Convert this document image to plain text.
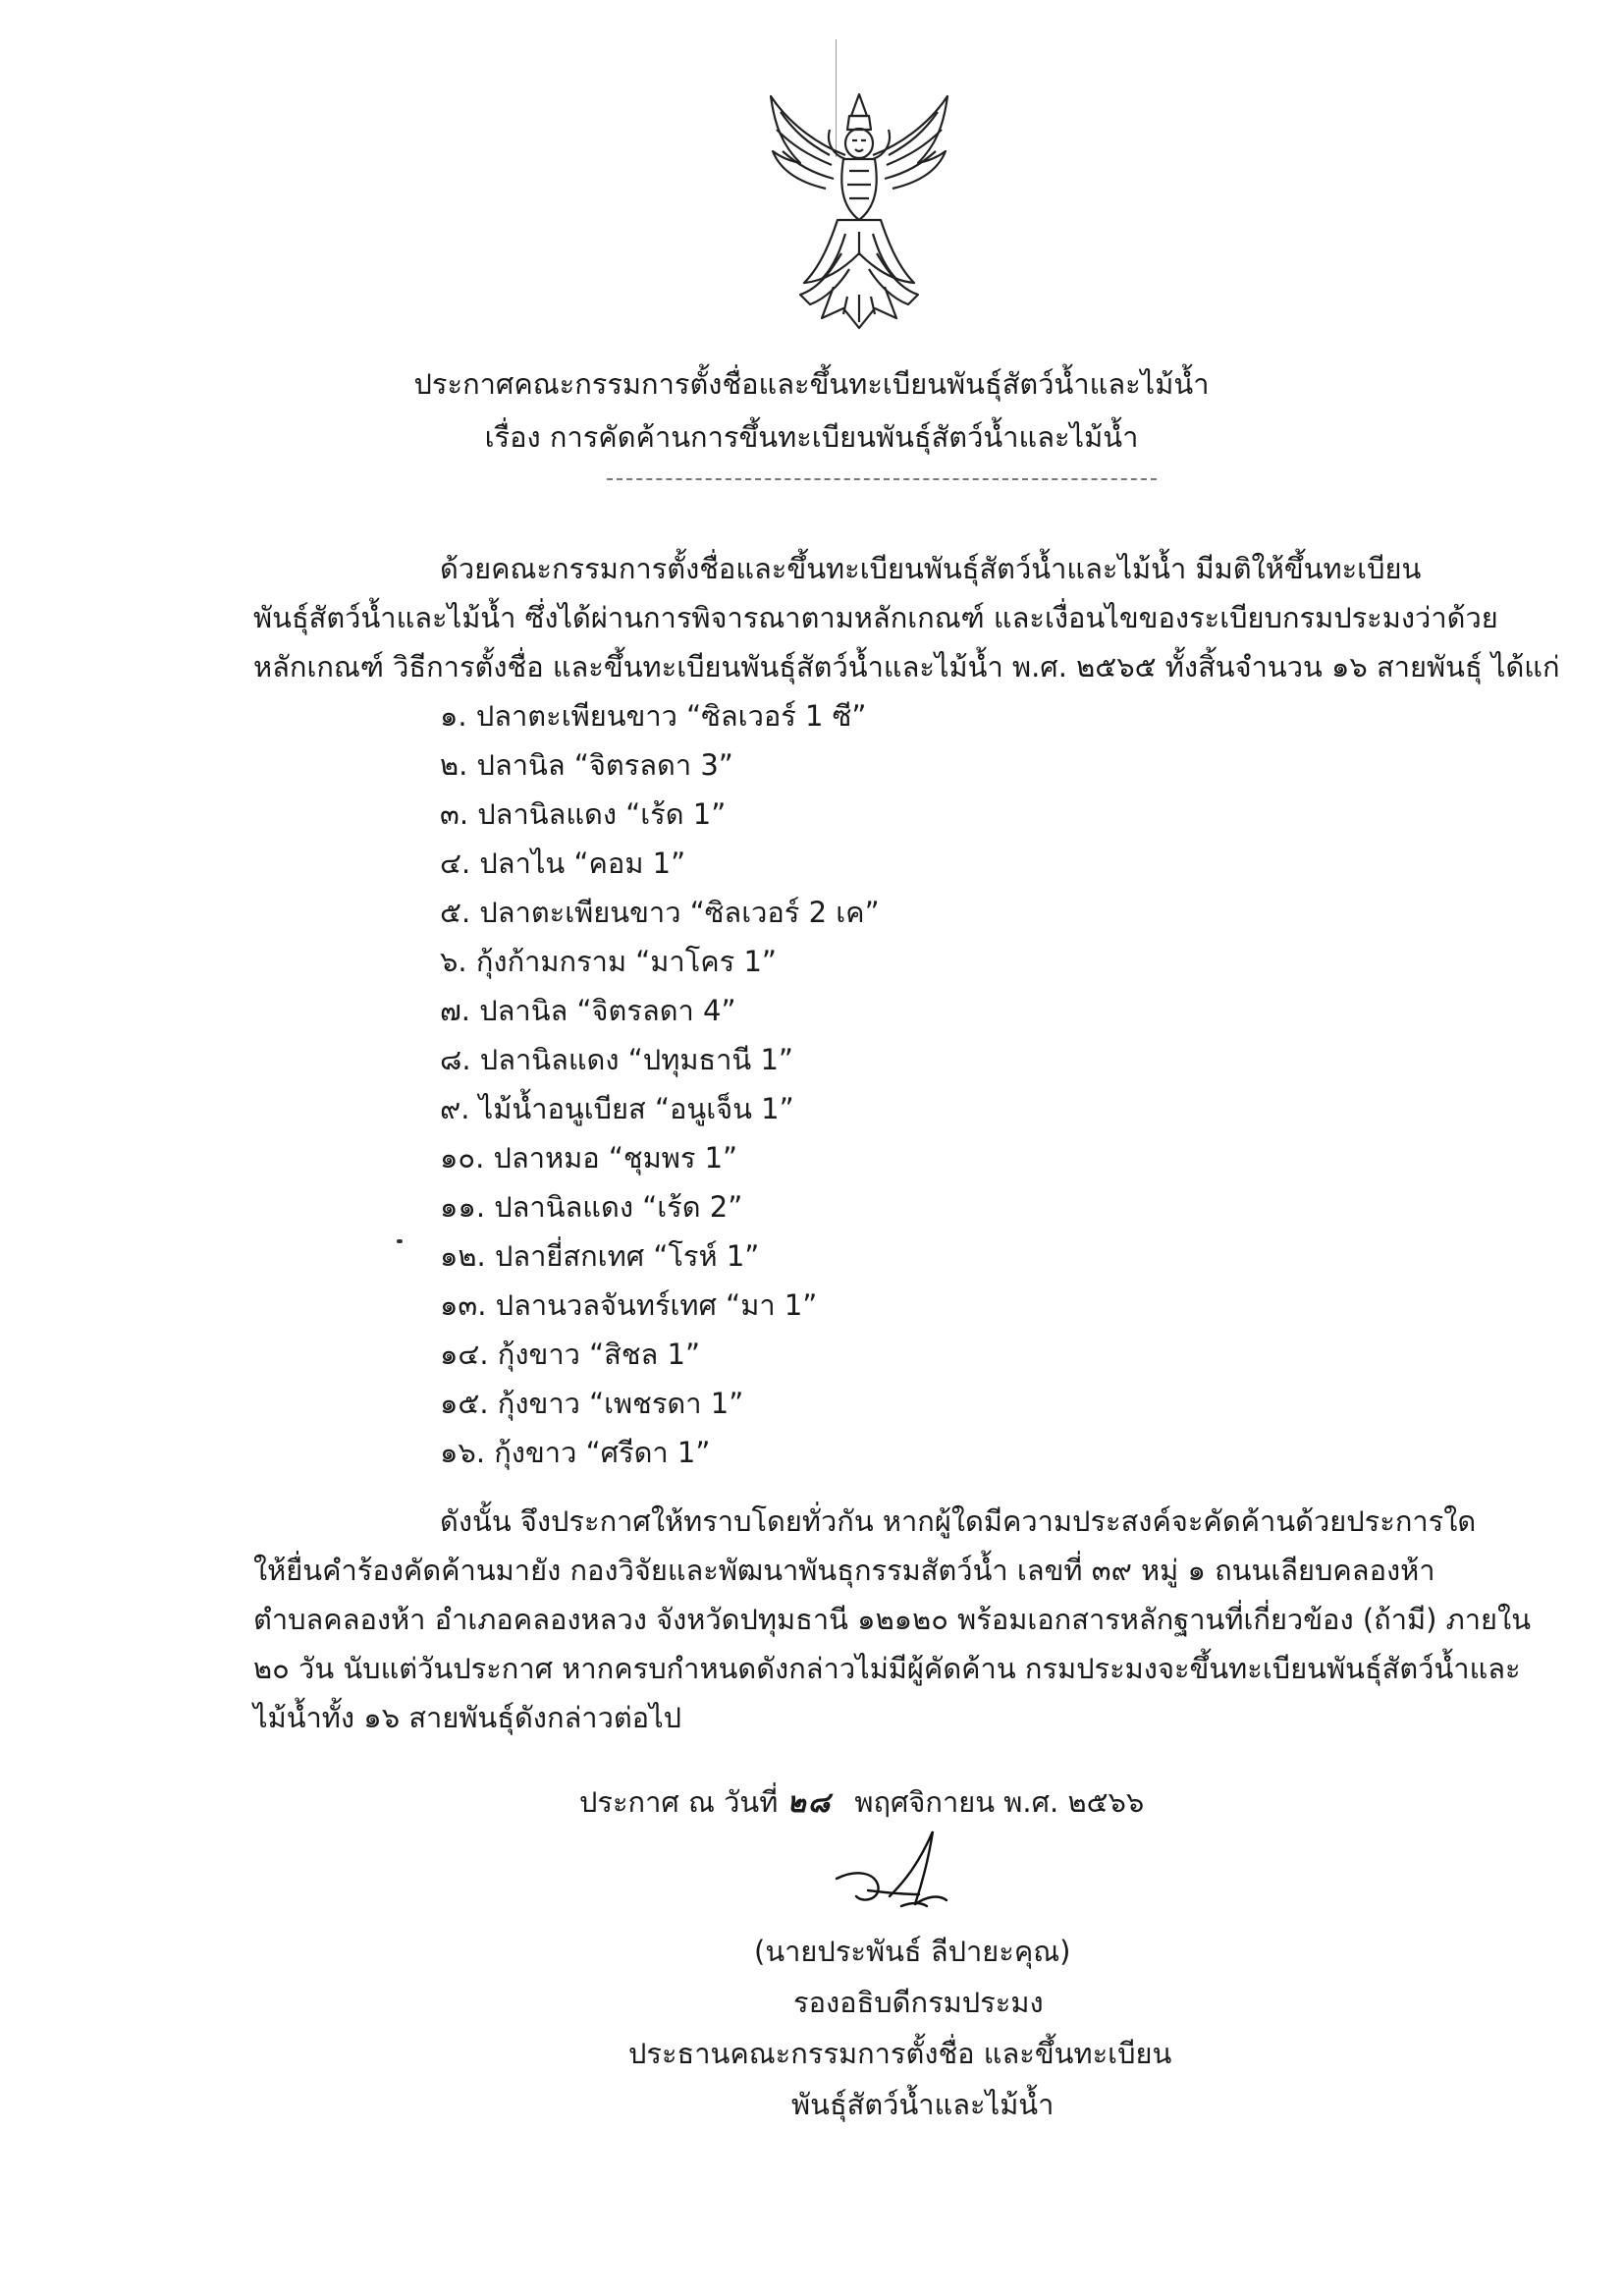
ประกาศคณะกรรมการตั้งชื่อและขึ้นทะเบียนพันธุ์สัตว์น้ำและไม้น้ำ
เรื่อง การคัดค้านการขึ้นทะเบียนพันธุ์สัตว์น้ำและไม้น้ำ
ด้วยคณะกรรมการตั้งชื่อและขึ้นทะเบียนพันธุ์สัตว์น้ำและไม้น้ำ มีมติให้ขึ้นทะเบียน
พันธุ์สัตว์น้ำและไม้น้ำ ซึ่งได้ผ่านการพิจารณาตามหลักเกณฑ์ และเงื่อนไขของระเบียบกรมประมงว่าด้วย
หลักเกณฑ์ วิธีการตั้งชื่อ และขึ้นทะเบียนพันธุ์สัตว์น้ำและไม้น้ำ พ.ศ. ๒๕๖๕ ทั้งสิ้นจำนวน ๑๖ สายพันธุ์ ได้แก่
๑. ปลาตะเพียนขาว “ซิลเวอร์ 1 ซี”
๒. ปลานิล “จิตรลดา 3”
๓. ปลานิลแดง “เร้ด 1”
๔. ปลาไน “คอม 1”
๕. ปลาตะเพียนขาว “ซิลเวอร์ 2 เค”
๖. กุ้งก้ามกราม “มาโคร 1”
๗. ปลานิล “จิตรลดา 4”
๘. ปลานิลแดง “ปทุมธานี 1”
๙. ไม้น้ำอนูเบียส “อนูเจ็น 1”
๑๐. ปลาหมอ “ชุมพร 1”
๑๑. ปลานิลแดง “เร้ด 2”
๑๒. ปลายี่สกเทศ “โรห์ 1”
๑๓. ปลานวลจันทร์เทศ “มา 1”
๑๔. กุ้งขาว “สิชล 1”
๑๕. กุ้งขาว “เพชรดา 1”
๑๖. กุ้งขาว “ศรีดา 1”
ดังนั้น จึงประกาศให้ทราบโดยทั่วกัน หากผู้ใดมีความประสงค์จะคัดค้านด้วยประการใด
ให้ยื่นคำร้องคัดค้านมายัง กองวิจัยและพัฒนาพันธุกรรมสัตว์น้ำ เลขที่ ๓๙ หมู่ ๑ ถนนเลียบคลองห้า
ตำบลคลองห้า อำเภอคลองหลวง จังหวัดปทุมธานี ๑๒๑๒๐ พร้อมเอกสารหลักฐานที่เกี่ยวข้อง (ถ้ามี) ภายใน
๒๐ วัน นับแต่วันประกาศ หากครบกำหนดดังกล่าวไม่มีผู้คัดค้าน กรมประมงจะขึ้นทะเบียนพันธุ์สัตว์น้ำและ
ไม้น้ำทั้ง ๑๖ สายพันธุ์ดังกล่าวต่อไป
ประกาศ ณ วันที่ ๒๘ พฤศจิกายน พ.ศ. ๒๕๖๖
(นายประพันธ์ ลีปายะคุณ)
รองอธิบดีกรมประมง
ประธานคณะกรรมการตั้งชื่อ และขึ้นทะเบียน
พันธุ์สัตว์น้ำและไม้น้ำ
